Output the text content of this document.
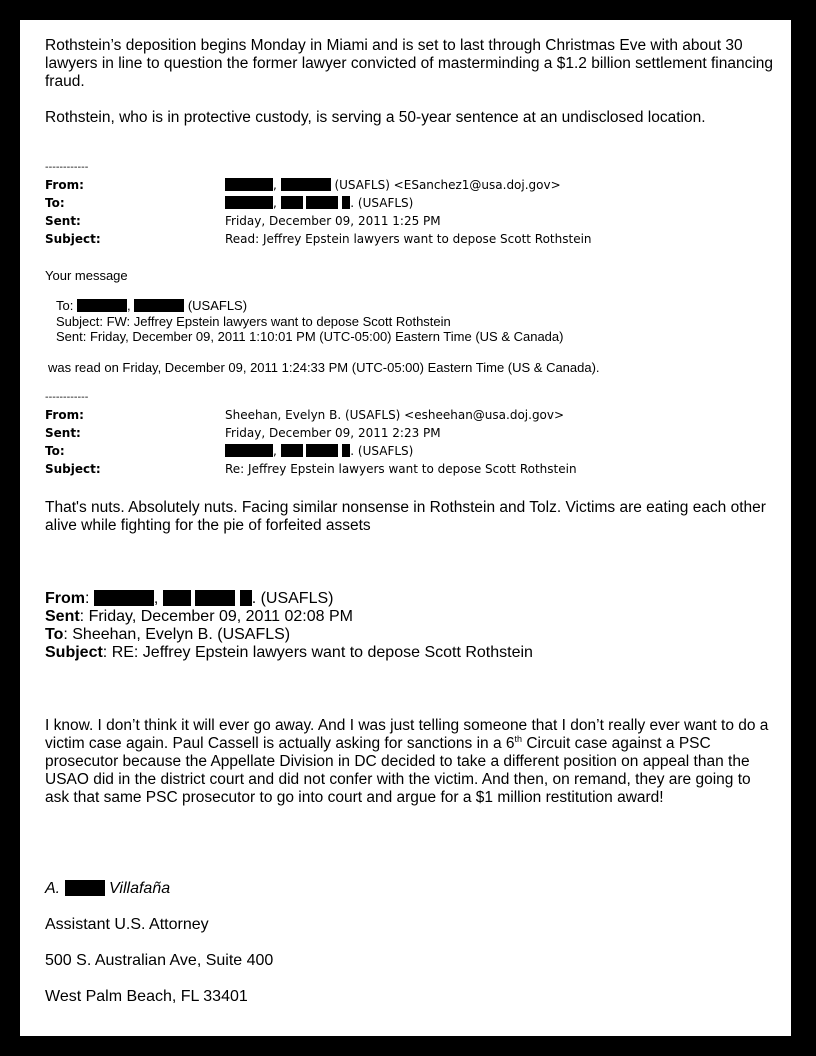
Rothstein’s deposition begins Monday in Miami and is set to last through Christmas Eve with about 30 lawyers in line to question the former lawyer convicted of masterminding a $1.2 billion settlement financing fraud.
Rothstein, who is in protective custody, is serving a 50-year sentence at an undisclosed location.
------------
From:	,	(USAFLS) <ESanchez1@usa.doj.gov>
To:	,	. (USAFLS)
Sent:	Friday, December 09, 2011 1:25 PM
Subject:	Read: Jeffrey Epstein lawyers want to depose Scott Rothstein
Your message
To:	,	(USAFLS)
Subject: FW: Jeffrey Epstein lawyers want to depose Scott Rothstein
Sent: Friday, December 09, 2011 1:10:01 PM (UTC-05:00) Eastern Time (US & Canada)
was read on Friday, December 09, 2011 1:24:33 PM (UTC-05:00) Eastern Time (US & Canada).
------------
From:	Sheehan, Evelyn B. (USAFLS) <esheehan@usa.doj.gov>
Sent:	Friday, December 09, 2011 2:23 PM
To:	,	. (USAFLS)
Subject:	Re: Jeffrey Epstein lawyers want to depose Scott Rothstein
That's nuts. Absolutely nuts. Facing similar nonsense in Rothstein and Tolz. Victims are eating each other alive while fighting for the pie of forfeited assets
From:	,	. (USAFLS)
Sent: Friday, December 09, 2011 02:08 PM
To: Sheehan, Evelyn B. (USAFLS)
Subject: RE: Jeffrey Epstein lawyers want to depose Scott Rothstein
I know. I don’t think it will ever go away. And I was just telling someone that I don’t really ever want to do a victim case again. Paul Cassell is actually asking for sanctions in a 6th Circuit case against a PSC prosecutor because the Appellate Division in DC decided to take a different position on appeal than the USAO did in the district court and did not confer with the victim. And then, on remand, they are going to ask that same PSC prosecutor to go into court and argue for a $1 million restitution award!
A.	Villafaña
Assistant U.S. Attorney
500 S. Australian Ave, Suite 400
West Palm Beach, FL 33401
